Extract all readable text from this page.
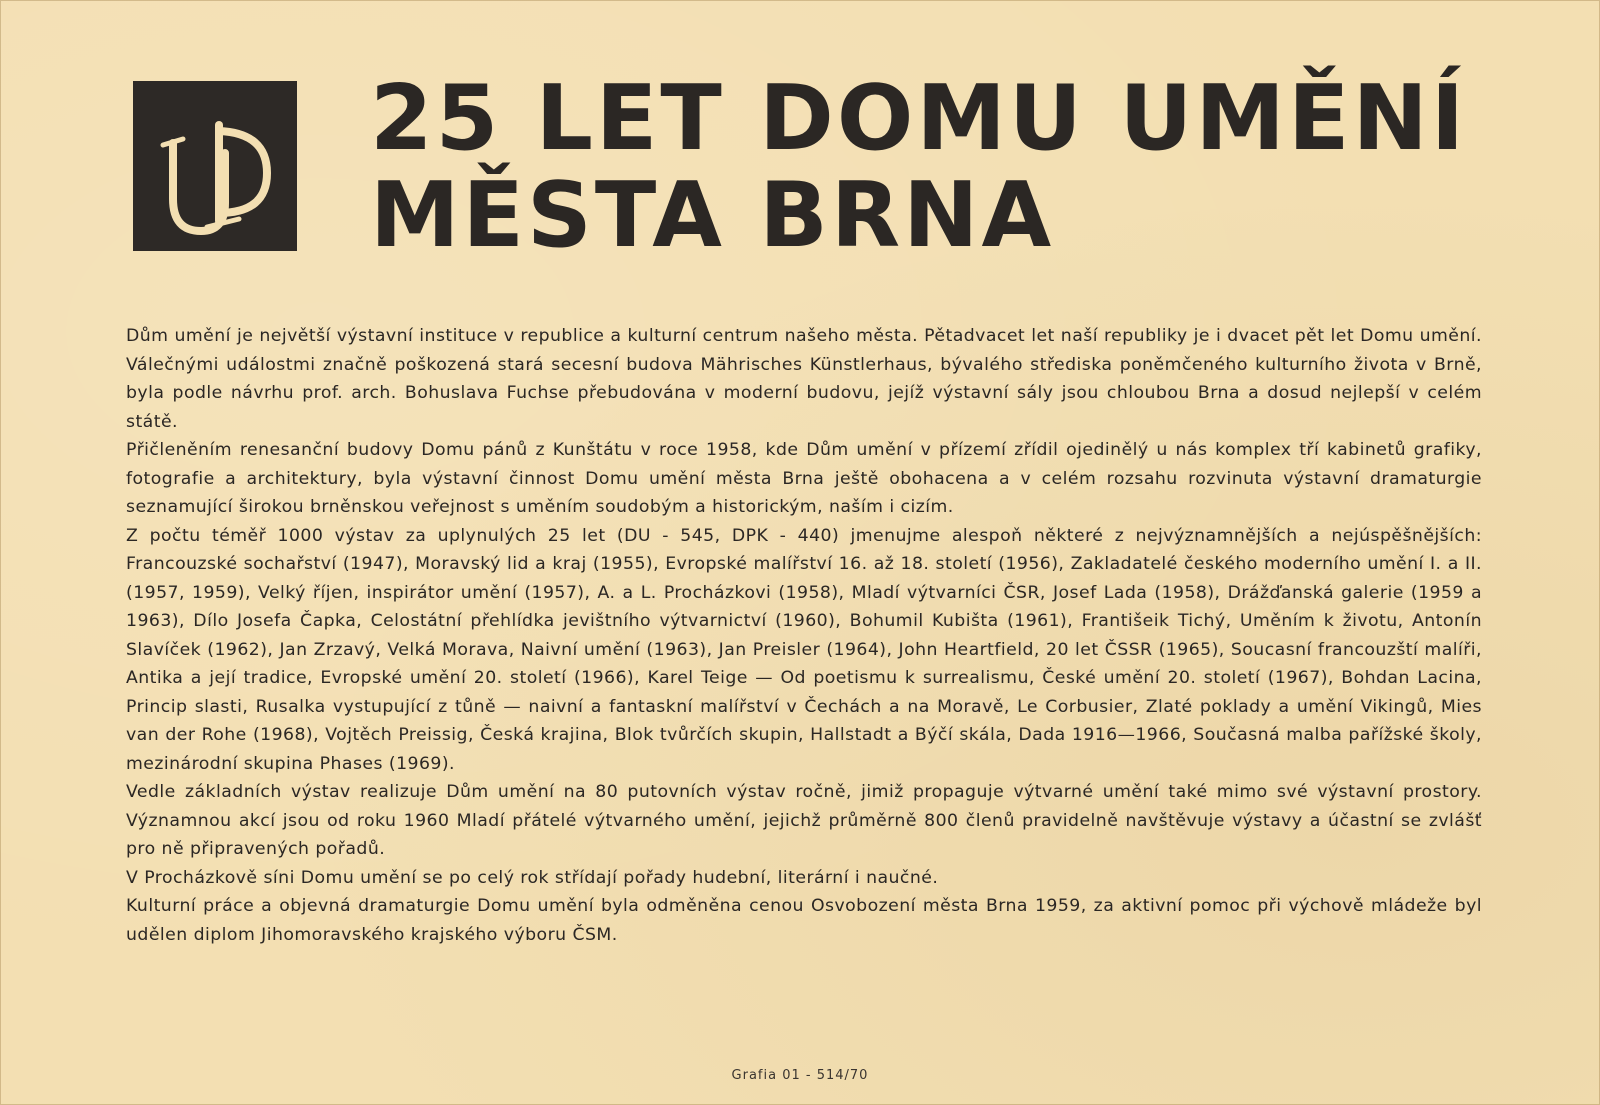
25 LET DOMU UMĚNÍ
MĚSTA BRNA

Dům umění je největší výstavní instituce v republice a kulturní centrum našeho města. Pětadvacet let naší republiky je i dvacet pět let Domu umění. Válečnými událostmi značně poškozená stará secesní budova Mährisches Künstlerhaus, bývalého střediska poněmčeného kulturního života v Brně, byla podle návrhu prof. arch. Bohuslava Fuchse přebudována v moderní budovu, jejíž výstavní sály jsou chloubou Brna a dosud nejlepší v celém státě.

Přičleněním renesanční budovy Domu pánů z Kunštátu v roce 1958, kde Dům umění v přízemí zřídil ojedinělý u nás komplex tří kabinetů grafiky, fotografie a architektury, byla výstavní činnost Domu umění města Brna ještě obohacena a v celém rozsahu rozvinuta výstavní dramaturgie seznamující širokou brněnskou veřejnost s uměním soudobým a historickým, naším i cizím.

Z počtu téměř 1000 výstav za uplynulých 25 let (DU - 545, DPK - 440) jmenujme alespoň některé z nejvýznamnějších a nejúspěšnějších: Francouzské sochařství (1947), Moravský lid a kraj (1955), Evropské malířství 16. až 18. století (1956), Zakladatelé českého moderního umění I. a II. (1957, 1959), Velký říjen, inspirátor umění (1957), A. a L. Procházkovi (1958), Mladí výtvarníci ČSR, Josef Lada (1958), Drážďanská galerie (1959 a 1963), Dílo Josefa Čapka, Celostátní přehlídka jevištního výtvarnictví (1960), Bohumil Kubišta (1961), Františeik Tichý, Uměním k životu, Antonín Slavíček (1962), Jan Zrzavý, Velká Morava, Naivní umění (1963), Jan Preisler (1964), John Heartfield, 20 let ČSSR (1965), Soucasní francouzští malíři, Antika a její tradice, Evropské umění 20. století (1966), Karel Teige — Od poetismu k surrealismu, České umění 20. století (1967), Bohdan Lacina, Princip slasti, Rusalka vystupující z tůně — naivní a fantaskní malířství v Čechách a na Moravě, Le Corbusier, Zlaté poklady a umění Vikingů, Mies van der Rohe (1968), Vojtěch Preissig, Česká krajina, Blok tvůrčích skupin, Hallstadt a Býčí skála, Dada 1916—1966, Současná malba pařížské školy, mezinárodní skupina Phases (1969).

Vedle základních výstav realizuje Dům umění na 80 putovních výstav ročně, jimiž propaguje výtvarné umění také mimo své výstavní prostory. Významnou akcí jsou od roku 1960 Mladí přátelé výtvarného umění, jejichž průměrně 800 členů pravidelně navštěvuje výstavy a účastní se zvlášť pro ně připravených pořadů.

V Procházkově síni Domu umění se po celý rok střídají pořady hudební, literární i naučné.

Kulturní práce a objevná dramaturgie Domu umění byla odměněna cenou Osvobození města Brna 1959, za aktivní pomoc při výchově mládeže byl udělen diplom Jihomoravského krajského výboru ČSM.

Grafia 01 - 514/70
